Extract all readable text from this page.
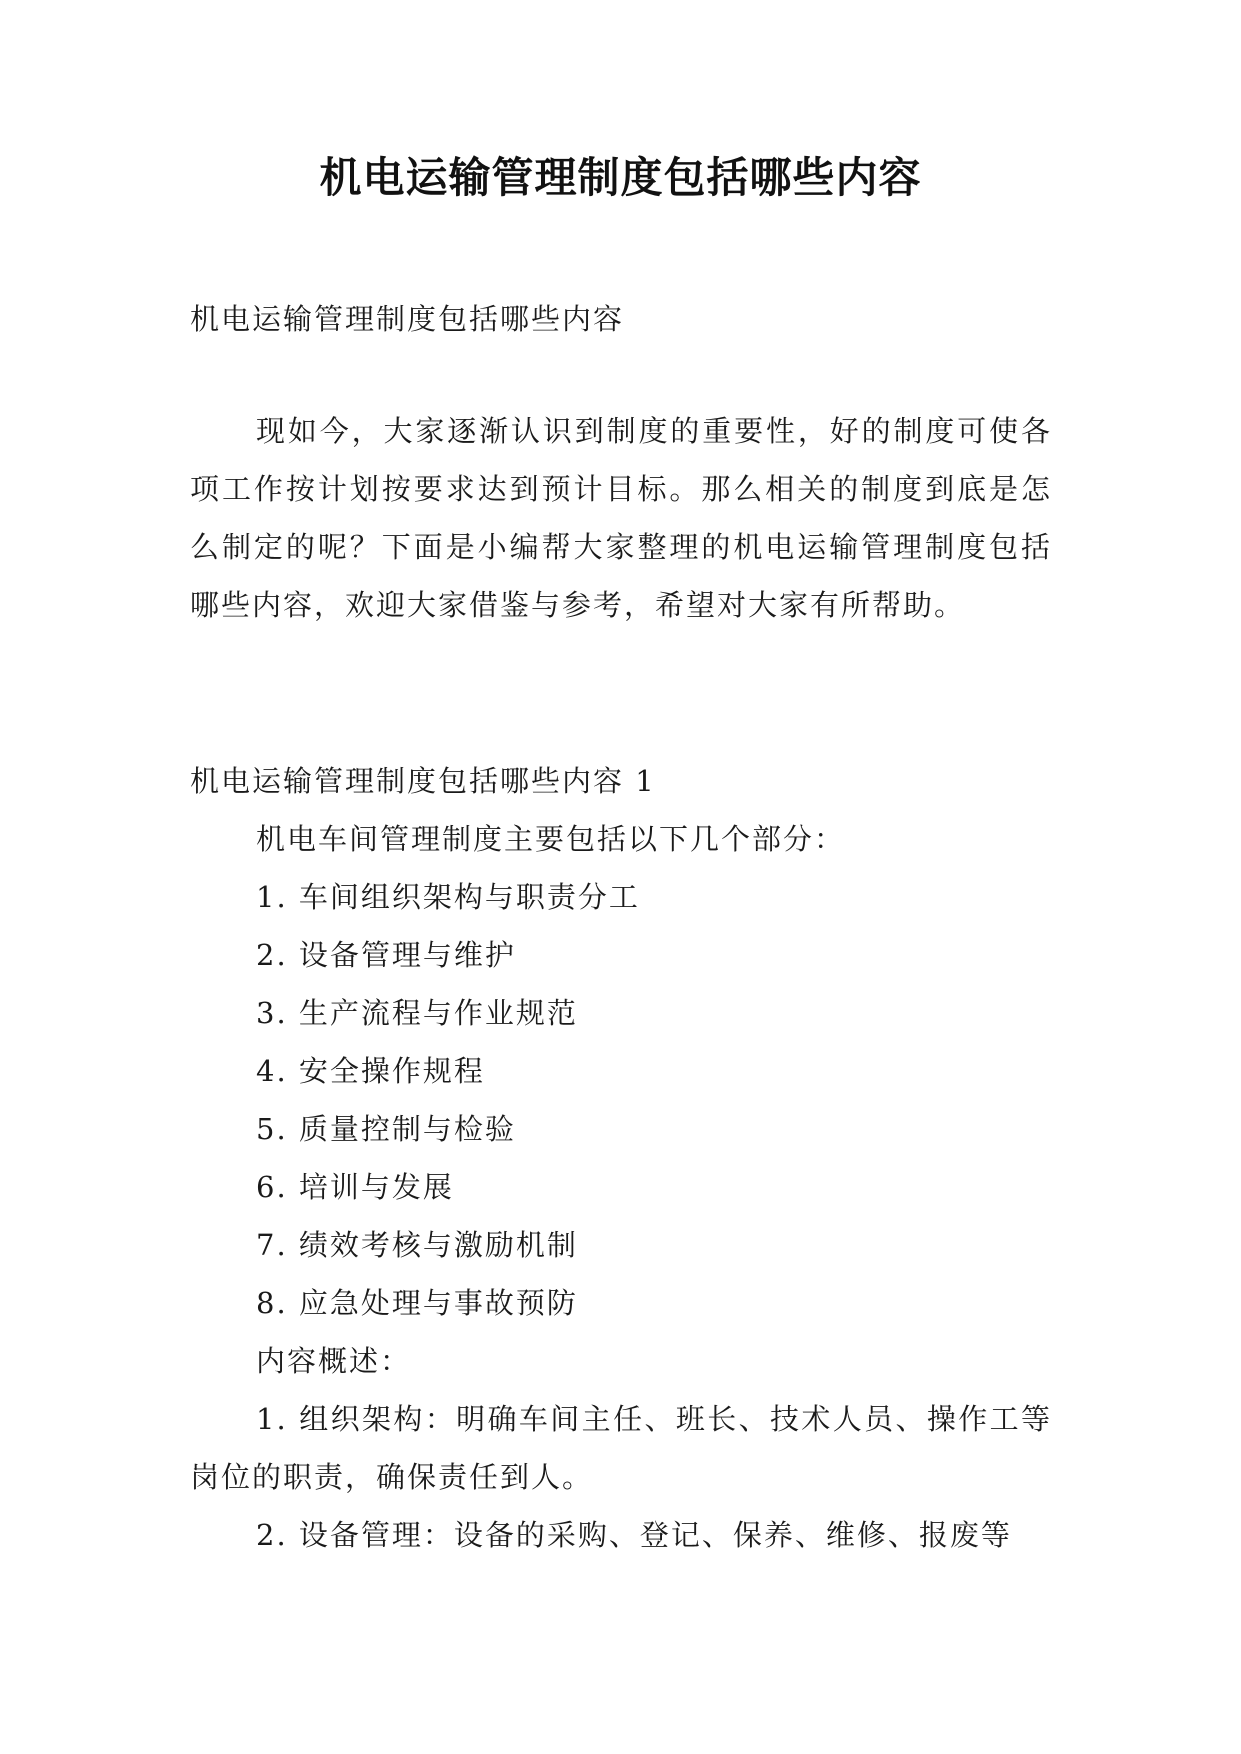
机电运输管理制度包括哪些内容
机电运输管理制度包括哪些内容
现如今，大家逐渐认识到制度的重要性，好的制度可使各项工作按计划按要求达到预计目标。那么相关的制度到底是怎么制定的呢？下面是小编帮大家整理的机电运输管理制度包括哪些内容，欢迎大家借鉴与参考，希望对大家有所帮助。
机电运输管理制度包括哪些内容 1
机电车间管理制度主要包括以下几个部分：
1. 车间组织架构与职责分工
2. 设备管理与维护
3. 生产流程与作业规范
4. 安全操作规程
5. 质量控制与检验
6. 培训与发展
7. 绩效考核与激励机制
8. 应急处理与事故预防
内容概述：
1. 组织架构：明确车间主任、班长、技术人员、操作工等岗位的职责，确保责任到人。
2. 设备管理：设备的采购、登记、保养、维修、报废等
